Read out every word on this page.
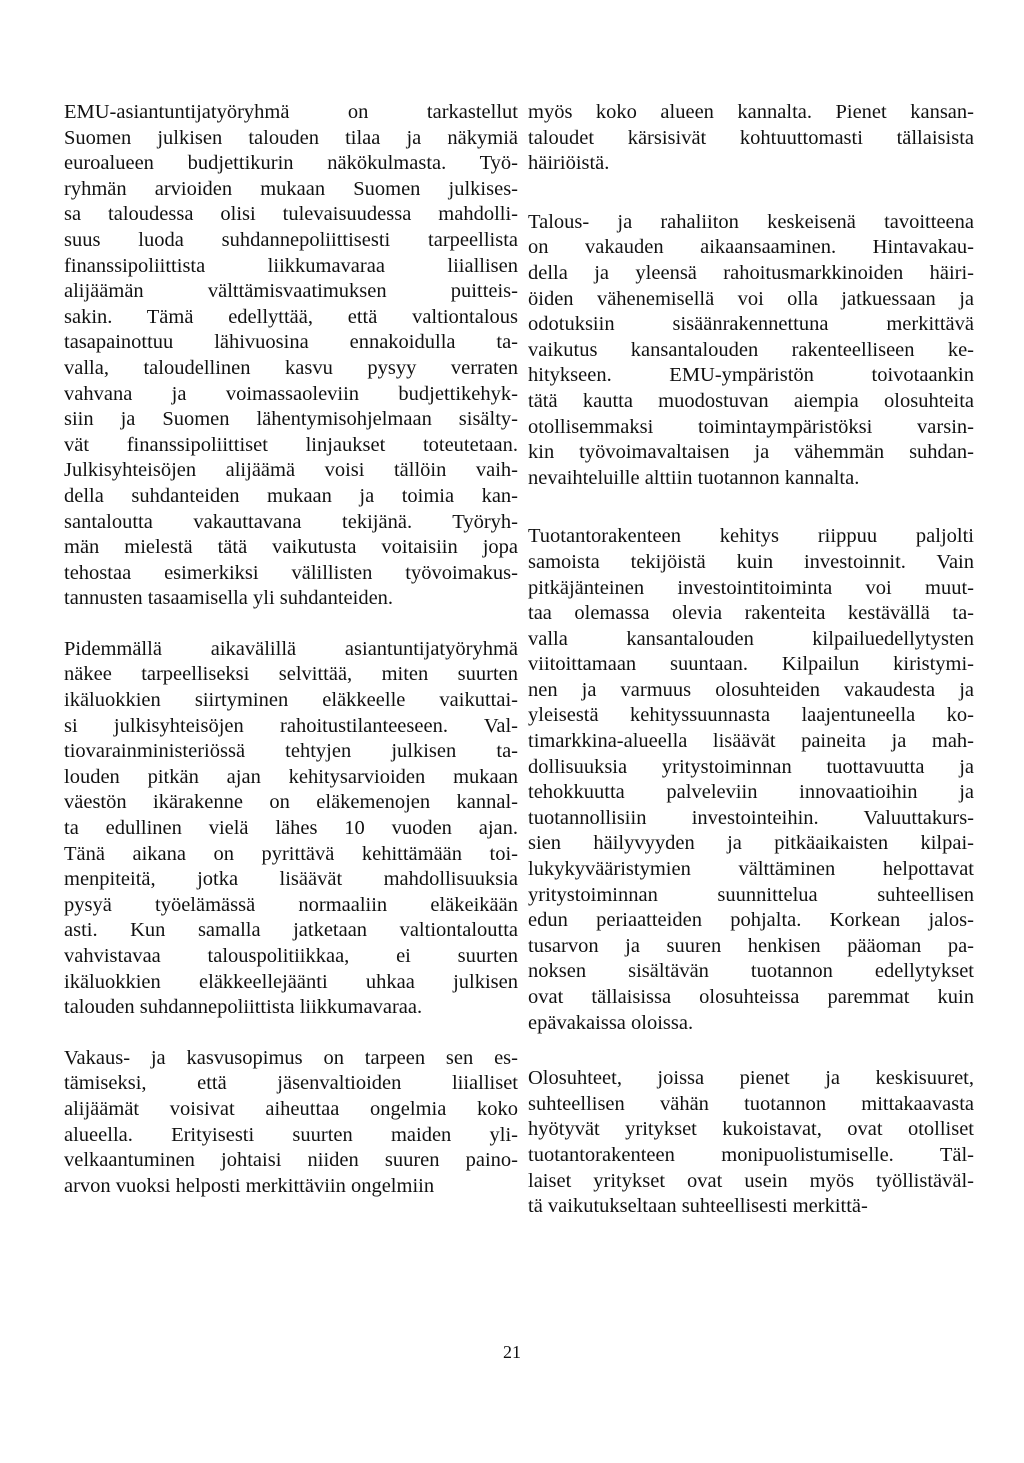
EMU-asiantuntijatyöryhmä on tarkastellut
Suomen julkisen talouden tilaa ja näkymiä
euroalueen budjettikurin näkökulmasta. Työ-
ryhmän arvioiden mukaan Suomen julkises-
sa taloudessa olisi tulevaisuudessa mahdolli-
suus luoda suhdannepoliittisesti tarpeellista
finanssipoliittista liikkumavaraa liiallisen
alijäämän välttämisvaatimuksen puitteis-
sakin. Tämä edellyttää, että valtiontalous
tasapainottuu lähivuosina ennakoidulla ta-
valla, taloudellinen kasvu pysyy verraten
vahvana ja voimassaoleviin budjettikehyk-
siin ja Suomen lähentymisohjelmaan sisälty-
vät finanssipoliittiset linjaukset toteutetaan.
Julkisyhteisöjen alijäämä voisi tällöin vaih-
della suhdanteiden mukaan ja toimia kan-
santaloutta vakauttavana tekijänä. Työryh-
män mielestä tätä vaikutusta voitaisiin jopa
tehostaa esimerkiksi välillisten työvoimakus-
tannusten tasaamisella yli suhdanteiden.
Pidemmällä aikavälillä asiantuntijatyöryhmä
näkee tarpeelliseksi selvittää, miten suurten
ikäluokkien siirtyminen eläkkeelle vaikuttai-
si julkisyhteisöjen rahoitustilanteeseen. Val-
tiovarainministeriössä tehtyjen julkisen ta-
louden pitkän ajan kehitysarvioiden mukaan
väestön ikärakenne on eläkemenojen kannal-
ta edullinen vielä lähes 10 vuoden ajan.
Tänä aikana on pyrittävä kehittämään toi-
menpiteitä, jotka lisäävät mahdollisuuksia
pysyä työelämässä normaaliin eläkeikään
asti. Kun samalla jatketaan valtiontaloutta
vahvistavaa talouspolitiikkaa, ei suurten
ikäluokkien eläkkeellejäänti uhkaa julkisen
talouden suhdannepoliittista liikkumavaraa.
Vakaus- ja kasvusopimus on tarpeen sen es-
tämiseksi, että jäsenvaltioiden liialliset
alijäämät voisivat aiheuttaa ongelmia koko
alueella. Erityisesti suurten maiden yli-
velkaantuminen johtaisi niiden suuren paino-
arvon vuoksi helposti merkittäviin ongelmiin
myös koko alueen kannalta. Pienet kansan-
taloudet kärsisivät kohtuuttomasti tällaisista
häiriöistä.
Talous- ja rahaliiton keskeisenä tavoitteena
on vakauden aikaansaaminen. Hintavakau-
della ja yleensä rahoitusmarkkinoiden häiri-
öiden vähenemisellä voi olla jatkuessaan ja
odotuksiin sisäänrakennettuna merkittävä
vaikutus kansantalouden rakenteelliseen ke-
hitykseen. EMU-ympäristön toivotaankin
tätä kautta muodostuvan aiempia olosuhteita
otollisemmaksi toimintaympäristöksi varsin-
kin työvoimavaltaisen ja vähemmän suhdan-
nevaihteluille alttiin tuotannon kannalta.
Tuotantorakenteen kehitys riippuu paljolti
samoista tekijöistä kuin investoinnit. Vain
pitkäjänteinen investointitoiminta voi muut-
taa olemassa olevia rakenteita kestävällä ta-
valla kansantalouden kilpailuedellytysten
viitoittamaan suuntaan. Kilpailun kiristymi-
nen ja varmuus olosuhteiden vakaudesta ja
yleisestä kehityssuunnasta laajentuneella ko-
timarkkina-alueella lisäävät paineita ja mah-
dollisuuksia yritystoiminnan tuottavuutta ja
tehokkuutta palveleviin innovaatioihin ja
tuotannollisiin investointeihin. Valuuttakurs-
sien häilyvyyden ja pitkäaikaisten kilpai-
lukykyvääristymien välttäminen helpottavat
yritystoiminnan suunnittelua suhteellisen
edun periaatteiden pohjalta. Korkean jalos-
tusarvon ja suuren henkisen pääoman pa-
noksen sisältävän tuotannon edellytykset
ovat tällaisissa olosuhteissa paremmat kuin
epävakaissa oloissa.
Olosuhteet, joissa pienet ja keskisuuret,
suhteellisen vähän tuotannon mittakaavasta
hyötyvät yritykset kukoistavat, ovat otolliset
tuotantorakenteen monipuolistumiselle. Täl-
laiset yritykset ovat usein myös työllistäväl-
tä vaikutukseltaan suhteellisesti merkittä-
21
